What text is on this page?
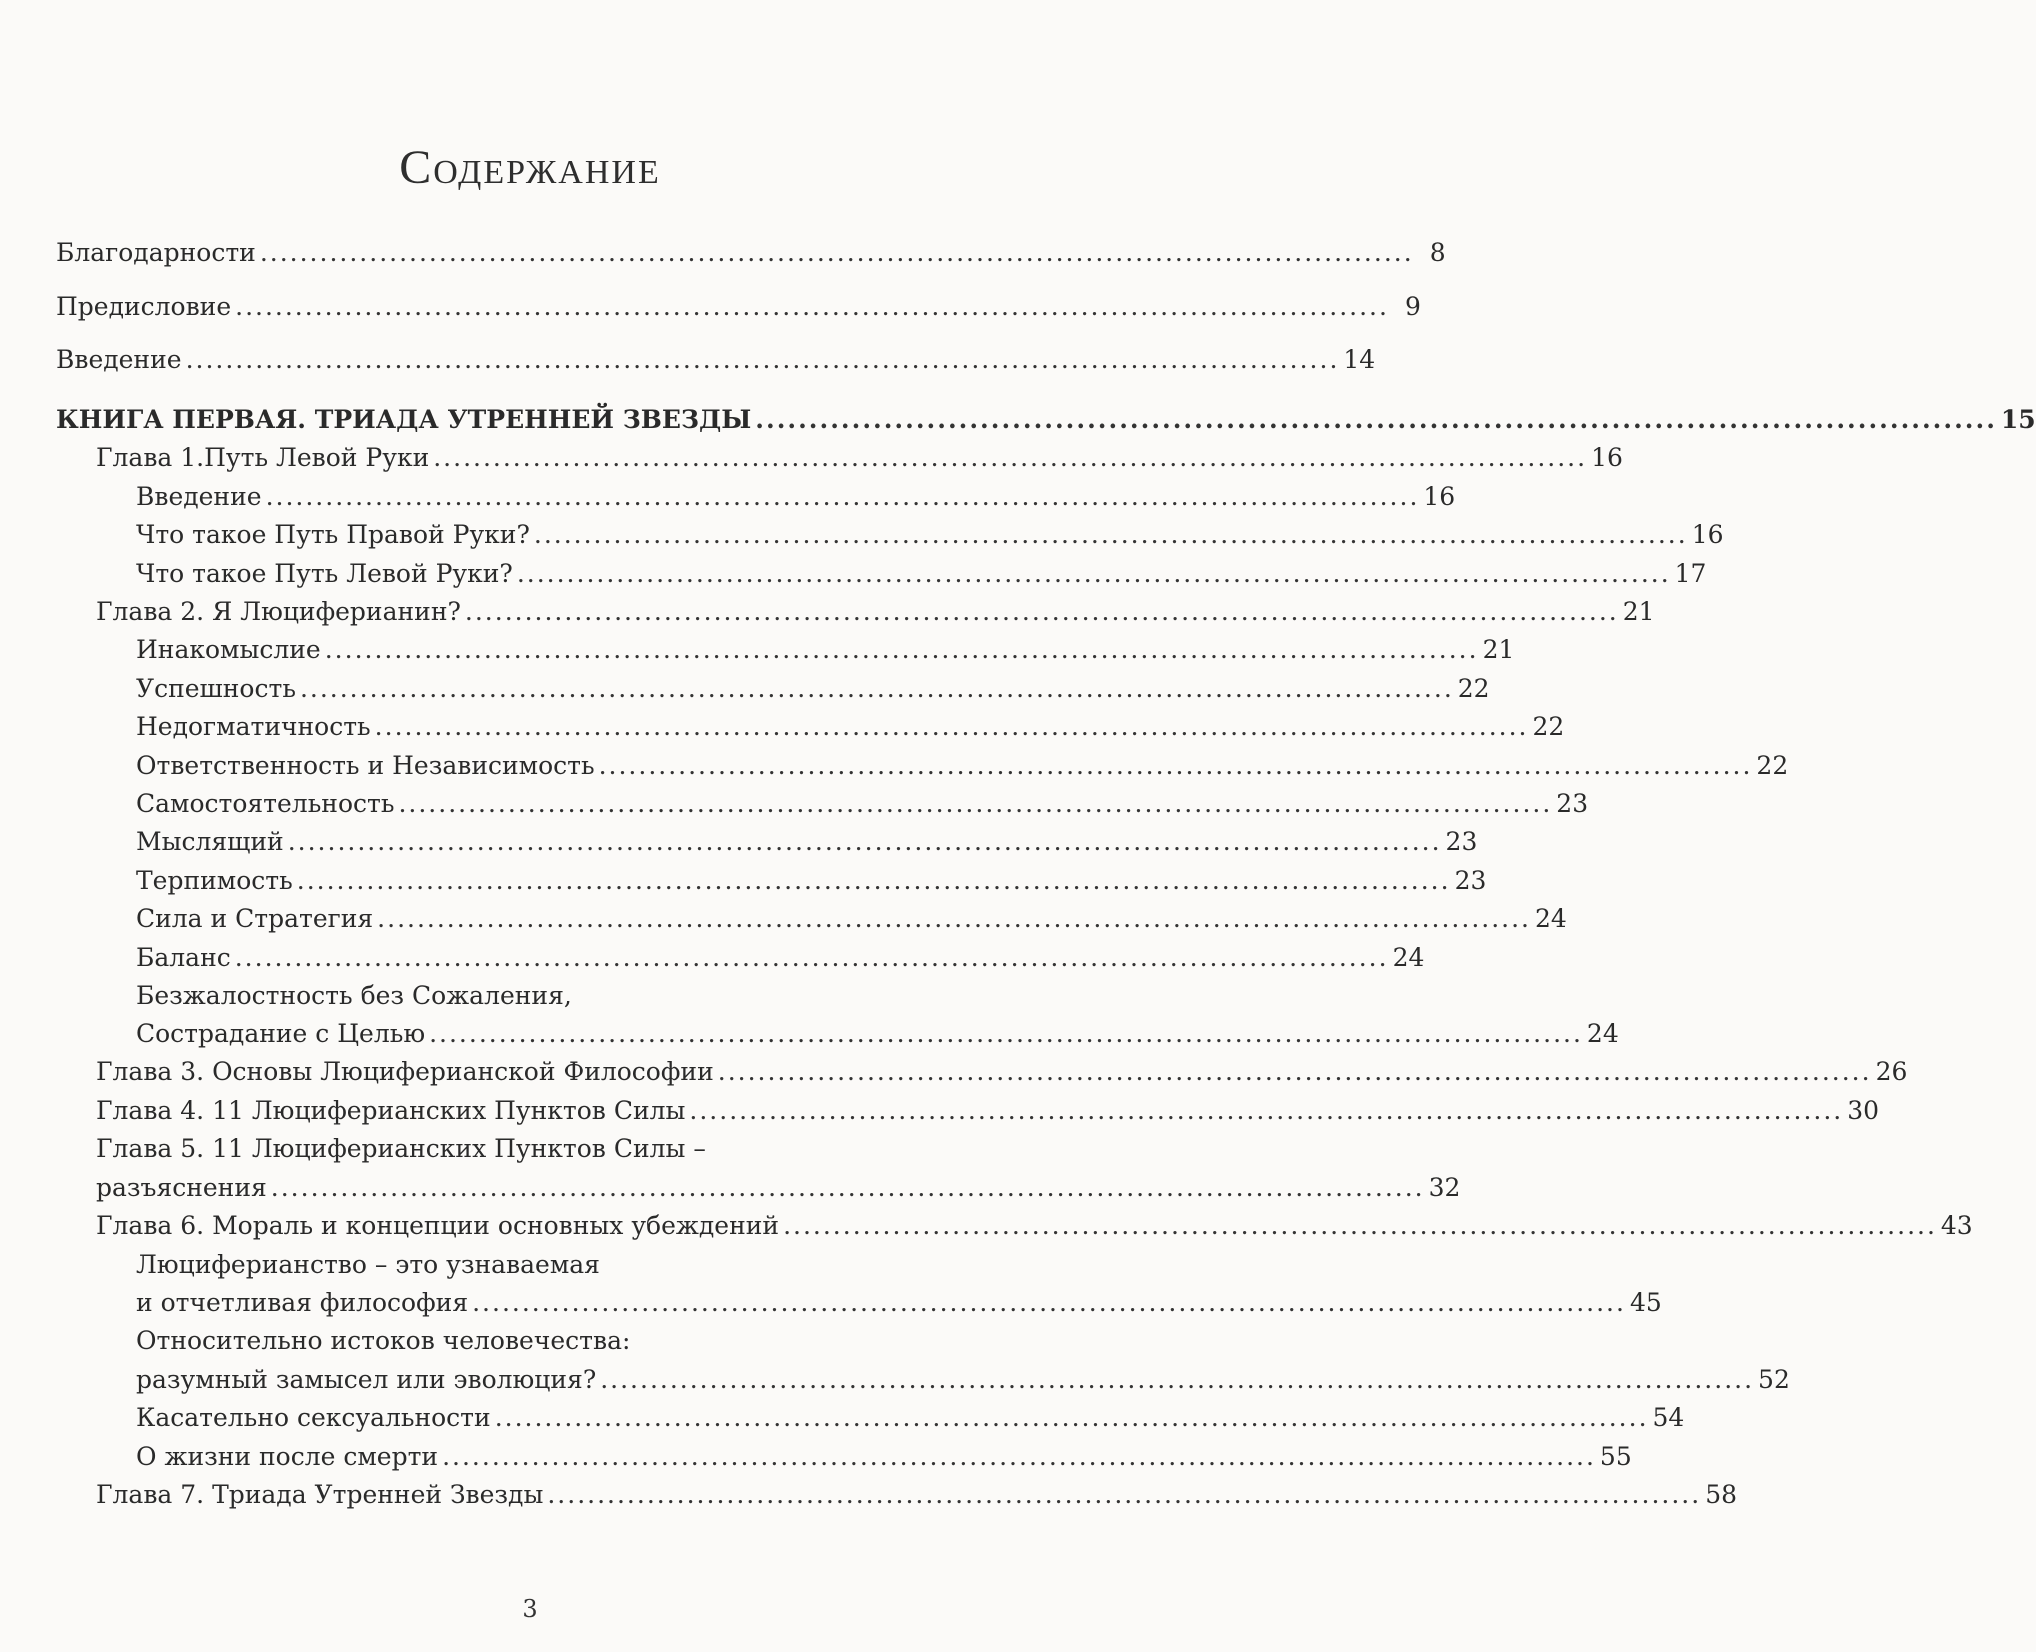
Содержание
Благодарности .................................................................................................................... 8
Предисловие .................................................................................................................... 9
Введение .................................................................................................................... 14
КНИГА ПЕРВАЯ. ТРИАДА УТРЕННЕЙ ЗВЕЗДЫ .................................................................................................................... 15
Глава 1.Путь Левой Руки .................................................................................................................... 16
Введение .................................................................................................................... 16
Что такое Путь Правой Руки? .................................................................................................................... 16
Что такое Путь Левой Руки? .................................................................................................................... 17
Глава 2. Я Люциферианин? .................................................................................................................... 21
Инакомыслие .................................................................................................................... 21
Успешность .................................................................................................................... 22
Недогматичность .................................................................................................................... 22
Ответственность и Независимость .................................................................................................................... 22
Самостоятельность .................................................................................................................... 23
Мыслящий .................................................................................................................... 23
Терпимость .................................................................................................................... 23
Сила и Стратегия .................................................................................................................... 24
Баланс .................................................................................................................... 24
Безжалостность без Сожаления,
Сострадание с Целью .................................................................................................................... 24
Глава 3. Основы Люциферианской Философии .................................................................................................................... 26
Глава 4. 11 Люциферианских Пунктов Силы .................................................................................................................... 30
Глава 5. 11 Люциферианских Пунктов Силы –
разъяснения .................................................................................................................... 32
Глава 6. Мораль и концепции основных убеждений .................................................................................................................... 43
Люциферианство – это узнаваемая
и отчетливая философия .................................................................................................................... 45
Относительно истоков человечества:
разумный замысел или эволюция? .................................................................................................................... 52
Касательно сексуальности .................................................................................................................... 54
О жизни после смерти .................................................................................................................... 55
Глава 7. Триада Утренней Звезды .................................................................................................................... 58
3
